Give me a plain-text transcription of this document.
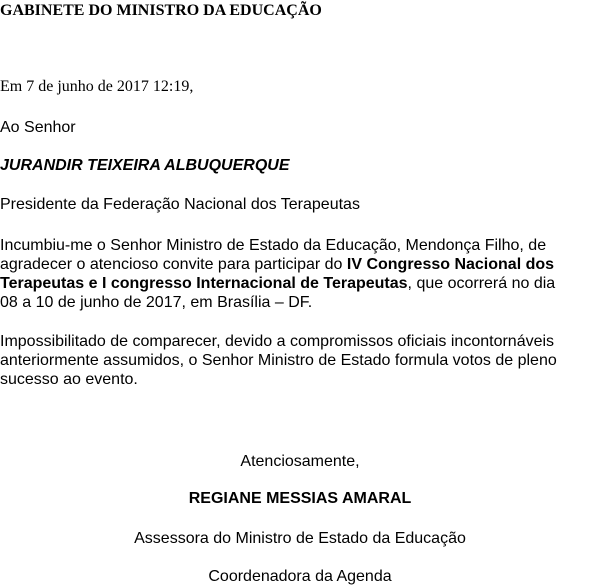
GABINETE DO MINISTRO DA EDUCAÇÃO
Em 7 de junho de 2017 12:19,
Ao Senhor
JURANDIR TEIXEIRA ALBUQUERQUE
Presidente da Federação Nacional dos Terapeutas
Incumbiu-me o Senhor Ministro de Estado da Educação, Mendonça Filho, de
agradecer o atencioso convite para participar do IV Congresso Nacional dos
Terapeutas e I congresso Internacional de Terapeutas, que ocorrerá no dia
08 a 10 de junho de 2017, em Brasília – DF.
Impossibilitado de comparecer, devido a compromissos oficiais incontornáveis
anteriormente assumidos, o Senhor Ministro de Estado formula votos de pleno
sucesso ao evento.
Atenciosamente,
REGIANE MESSIAS AMARAL
Assessora do Ministro de Estado da Educação
Coordenadora da Agenda
